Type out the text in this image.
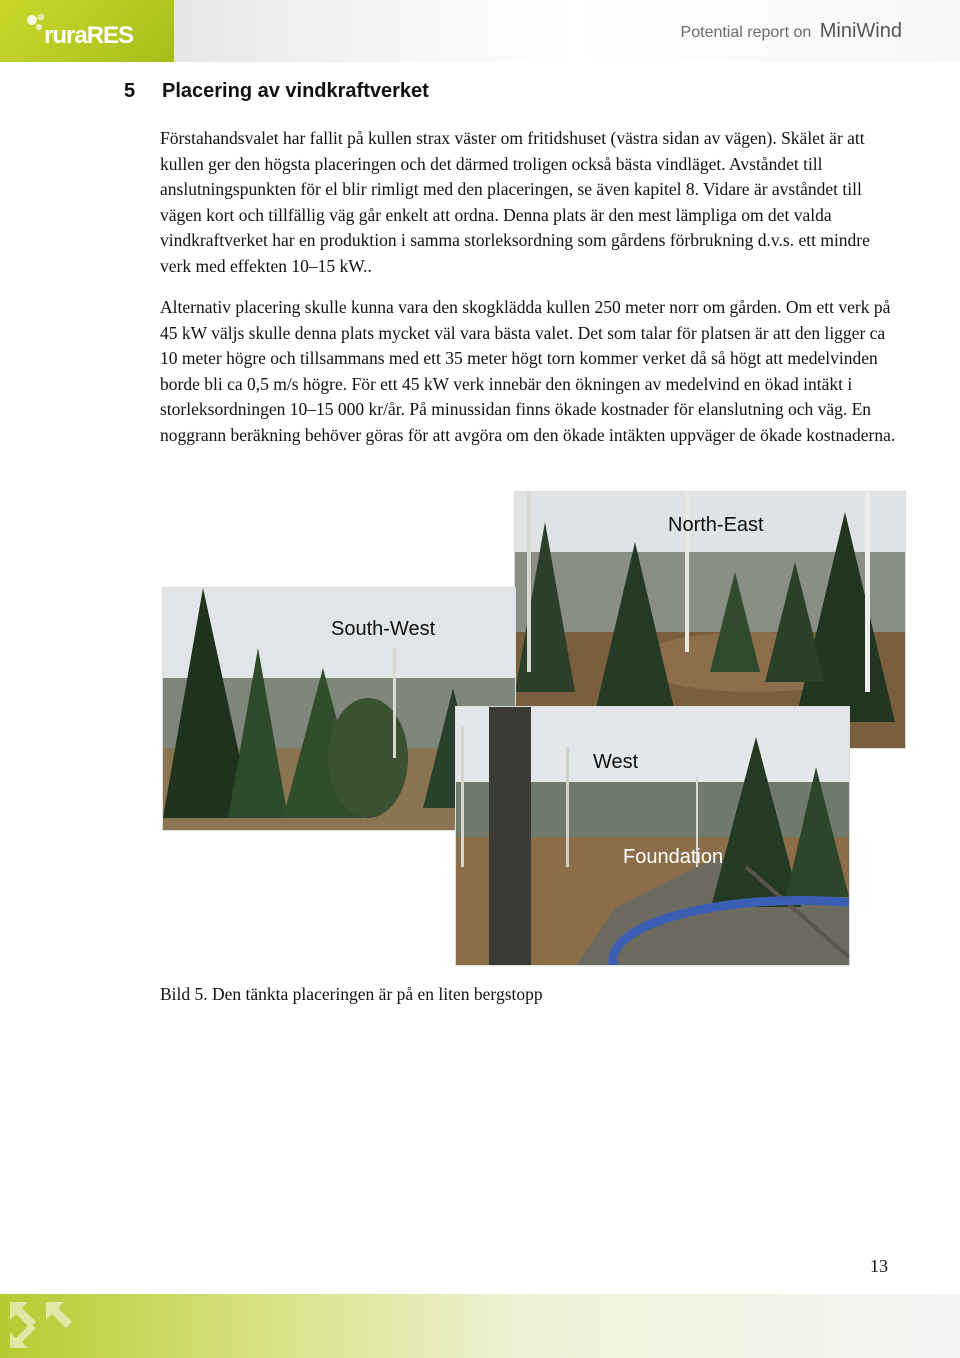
ruraRES	Potential report on MiniWind
5 Placering av vindkraftverket

Förstahandsvalet har fallit på kullen strax väster om fritidshuset (västra sidan av vägen). Skälet är att kullen ger den högsta placeringen och det därmed troligen också bästa vindläget. Avståndet till anslutningspunkten för el blir rimligt med den placeringen, se även kapitel 8. Vidare är avståndet till vägen kort och tillfällig väg går enkelt att ordna. Denna plats är den mest lämpliga om det valda vindkraftverket har en produktion i samma storleksordning som gårdens förbrukning d.v.s. ett mindre verk med effekten 10–15 kW..

Alternativ placering skulle kunna vara den skogklädda kullen 250 meter norr om gården. Om ett verk på 45 kW väljs skulle denna plats mycket väl vara bästa valet. Det som talar för platsen är att den ligger ca 10 meter högre och tillsammans med ett 35 meter högt torn kommer verket då så högt att medelvinden borde bli ca 0,5 m/s högre. För ett 45 kW verk innebär den ökningen av medelvind en ökad intäkt i storleksordningen 10–15 000 kr/år. På minussidan finns ökade kostnader för elanslutning och väg. En noggrann beräkning behöver göras för att avgöra om den ökade intäkten uppväger de ökade kostnaderna.

North-East
South-West
West
Foundation
Bild 5. Den tänkta placeringen är på en liten bergstopp
13
